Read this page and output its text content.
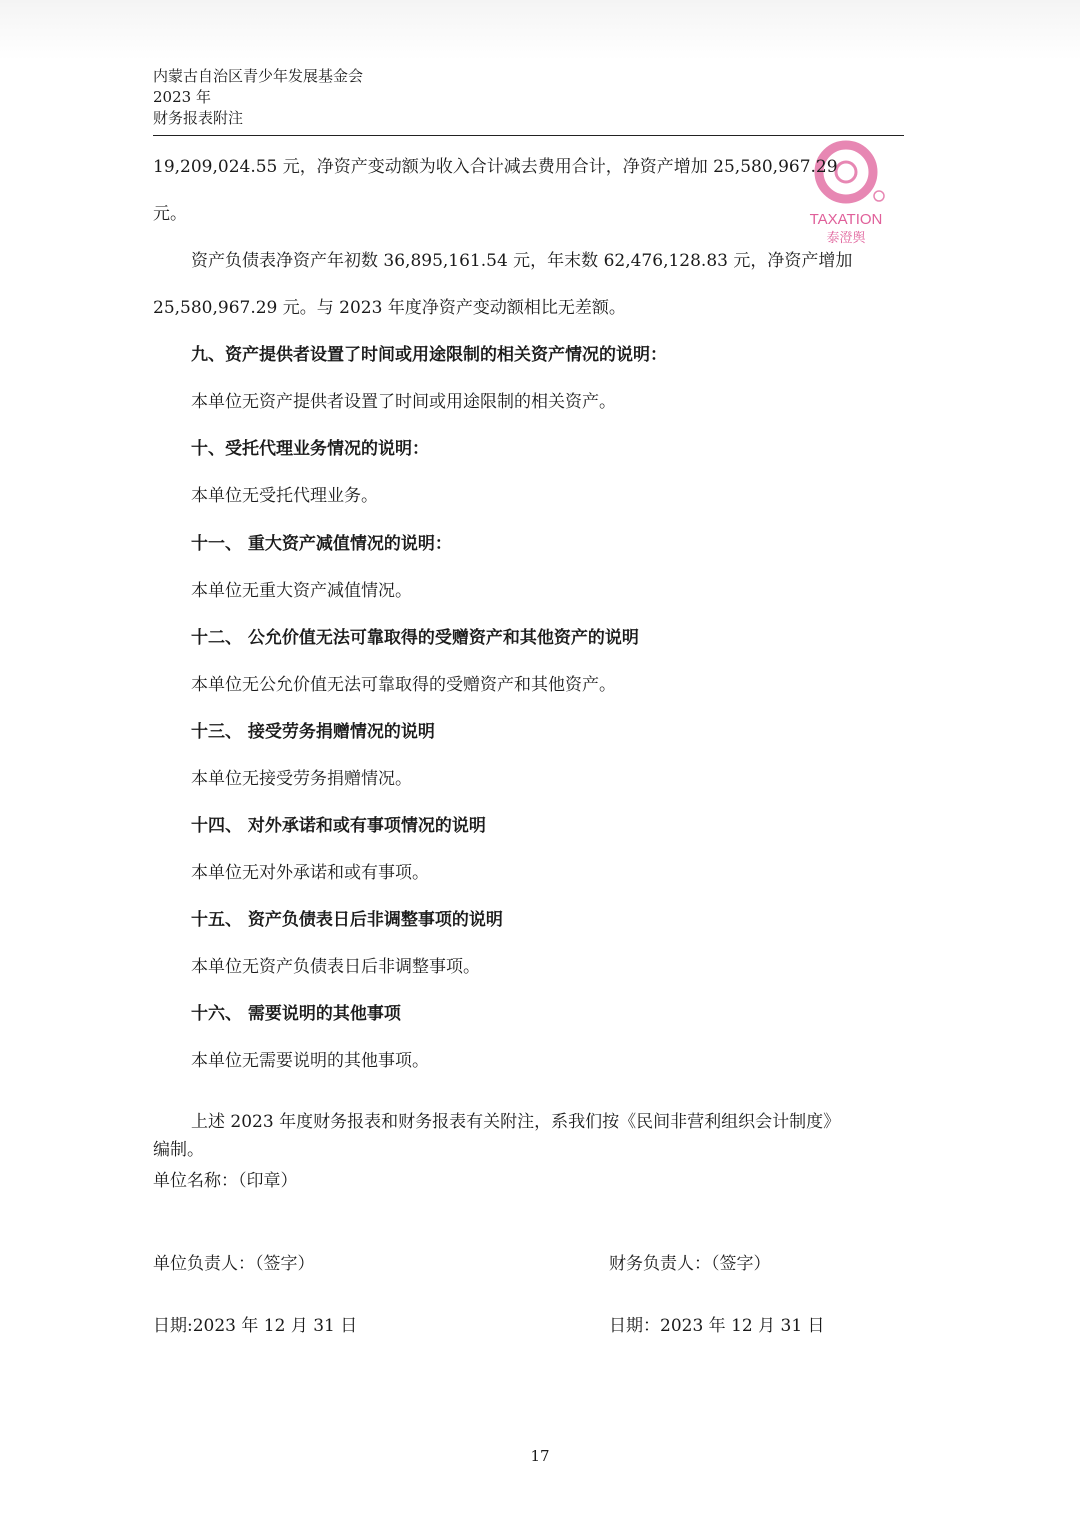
内蒙古自治区青少年发展基金会
2023 年
财务报表附注
TAXATION
泰澄舆
19,209,024.55 元，净资产变动额为收入合计减去费用合计，净资产增加 25,580,967.29
元。
资产负债表净资产年初数 36,895,161.54 元，年末数 62,476,128.83 元，净资产增加
25,580,967.29 元。与 2023 年度净资产变动额相比无差额。
九、资产提供者设置了时间或用途限制的相关资产情况的说明：
本单位无资产提供者设置了时间或用途限制的相关资产。
十、受托代理业务情况的说明：
本单位无受托代理业务。
十一、 重大资产减值情况的说明：
本单位无重大资产减值情况。
十二、 公允价值无法可靠取得的受赠资产和其他资产的说明
本单位无公允价值无法可靠取得的受赠资产和其他资产。
十三、 接受劳务捐赠情况的说明
本单位无接受劳务捐赠情况。
十四、 对外承诺和或有事项情况的说明
本单位无对外承诺和或有事项。
十五、 资产负债表日后非调整事项的说明
本单位无资产负债表日后非调整事项。
十六、 需要说明的其他事项
本单位无需要说明的其他事项。
上述 2023 年度财务报表和财务报表有关附注，系我们按《民间非营利组织会计制度》
编制。
单位名称：（印章）
单位负责人：（签字）	财务负责人：（签字）
日期:2023 年 12 月 31 日	日期：2023 年 12 月 31 日
17
